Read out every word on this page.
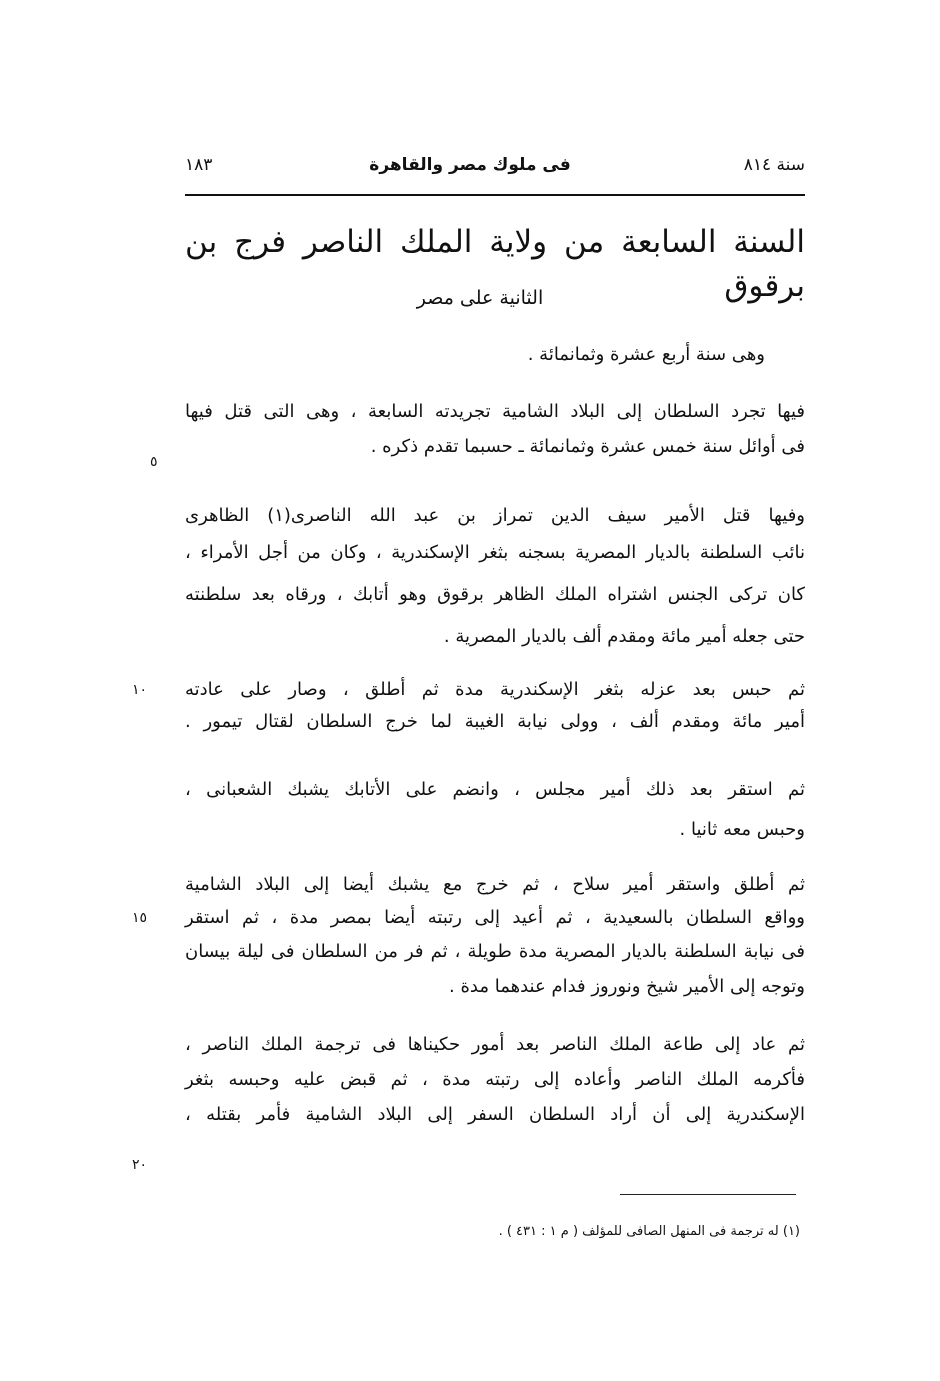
سنة ٨١٤
فى ملوك مصر والقاهرة
١٨٣
السنة السابعة من ولاية الملك الناصر فرج بن برقوق
الثانية على مصر
وهى سنة أربع عشرة وثمانمائة .
فيها تجرد السلطان إلى البلاد الشامية تجريدته السابعة ، وهى التى قتل فيها
فى أوائل سنة خمس عشرة وثمانمائة ـ حسبما تقدم ذكره .
وفيها قتل الأمير سيف الدين تمراز بن عبد الله الناصرى(١) الظاهرى
نائب السلطنة بالديار المصرية بسجنه بثغر الإسكندرية ، وكان من أجل الأمراء ،
كان تركى الجنس اشتراه الملك الظاهر برقوق وهو أتابك ، ورقاه بعد سلطنته
حتى جعله أمير مائة ومقدم ألف بالديار المصرية .
ثم حبس بعد عزله بثغر الإسكندرية مدة ثم أطلق ، وصار على عادته
أمير مائة ومقدم ألف ، وولى نيابة الغيبة لما خرج السلطان لقتال تيمور .
ثم استقر بعد ذلك أمير مجلس ، وانضم على الأتابك يشبك الشعبانى ،
وحبس معه ثانيا .
ثم أطلق واستقر أمير سلاح ، ثم خرج مع يشبك أيضا إلى البلاد الشامية
وواقع السلطان بالسعيدية ، ثم أعيد إلى رتبته أيضا بمصر مدة ، ثم استقر
فى نيابة السلطنة بالديار المصرية مدة طويلة ، ثم فر من السلطان فى ليلة بيسان
وتوجه إلى الأمير شيخ ونوروز فدام عندهما مدة .
ثم عاد إلى طاعة الملك الناصر بعد أمور حكيناها فى ترجمة الملك الناصر ،
فأكرمه الملك الناصر وأعاده إلى رتبته مدة ، ثم قبض عليه وحبسه بثغر
الإسكندرية إلى أن أراد السلطان السفر إلى البلاد الشامية فأمر بقتله ،
٥
١٠
١٥
٢٠
(١) له ترجمة فى المنهل الصافى للمؤلف ( م ١ : ٤٣١ ) .
